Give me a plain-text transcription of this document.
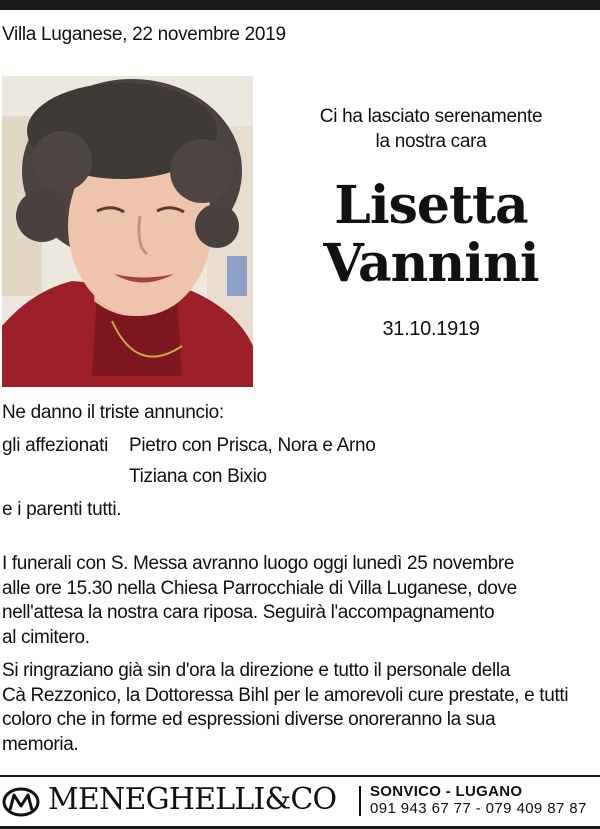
Villa Luganese, 22 novembre 2019
Ci ha lasciato serenamente
la nostra cara
Lisetta
Vannini
31.10.1919
Ne danno il triste annuncio:
gli affezionati Pietro con Prisca, Nora e Arno
Tiziana con Bixio
e i parenti tutti.
I funerali con S. Messa avranno luogo oggi lunedì 25 novembre
alle ore 15.30 nella Chiesa Parrocchiale di Villa Luganese, dove
nell'attesa la nostra cara riposa. Seguirà l'accompagnamento
al cimitero.
Si ringraziano già sin d'ora la direzione e tutto il personale della
Cà Rezzonico, la Dottoressa Bihl per le amorevoli cure prestate, e tutti
coloro che in forme ed espressioni diverse onoreranno la sua
memoria.
MENEGHELLI&CO SONVICO - LUGANO
091 943 67 77 - 079 409 87 87
